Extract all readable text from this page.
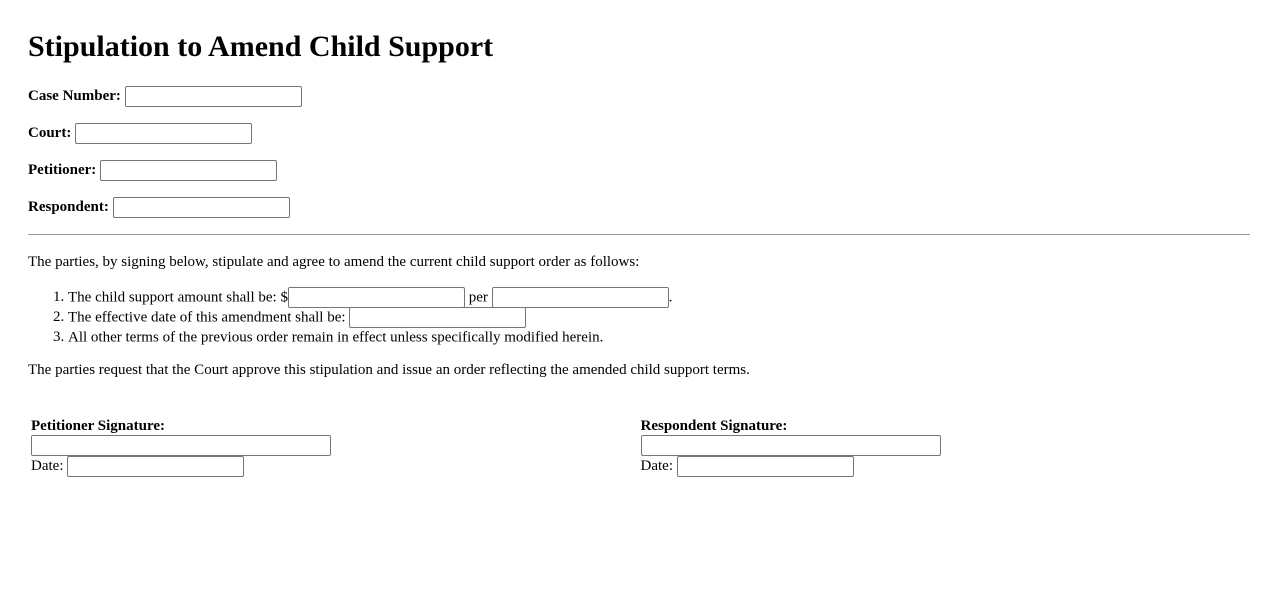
Stipulation to Amend Child Support
Case Number:
Court:
Petitioner:
Respondent:

The parties, by signing below, stipulate and agree to amend the current child support order as follows:

1. The child support amount shall be: $	per	.
2. The effective date of this amendment shall be:
3. All other terms of the previous order remain in effect unless specifically modified herein.

The parties request that the Court approve this stipulation and issue an order reflecting the amended child support terms.

Petitioner Signature:
Date:
Respondent Signature:
Date:
